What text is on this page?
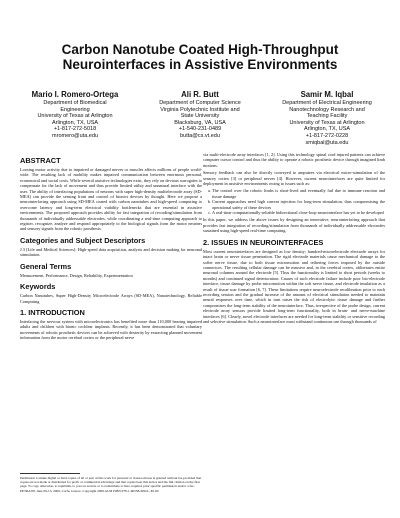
Carbon Nanotube Coated High-Throughput
Neurointerfaces in Assistive Environments
Mario I. Romero-Ortega
Department of Biomedical
Engineering
University of Texas at Arlington
Arlington, TX, USA
+1-817-272-5018
mromero@uta.edu
Ali R. Butt
Department of Computer Science
Virginia Polytechnic Institute and
State University
Blacksburg, VA, USA
+1-540-231-0489
butta@cs.vt.edu
Samir M. Iqbal
Department of Electrical Engineering
Nanotechnology Research and
Teaching Facility
University of Texas at Arlington
Arlington, TX, USA
+1-817-272-0228
smiqbal@uta.edu
ABSTRACT

Loosing motor activity due to impaired or damaged nerves or muscles affects millions of people world-wide. The resulting lack of mobility makes impaired communication between enormous personal, economical and social costs. While several assistive technologies exist, they rely on devious surrogates to compensate for the lack of movement and thus provide limited utility and unnatural interface with the user. The ability of interfacing populations of neurons with super high-density multielectrode array (SD-MEA) can provide the sensing front and control of bionics devices by thought. Here we propose a neurointerfacing approach using SD-MEA coated with carbon nanotubes and high-speed computing to overcome latency and long-term electrical viability bottlenecks that are essential in assistive environments. The proposed approach provides ability for fast integration of recording/stimulation from thousands of individually addressable electrodes, while coordinating a real-time computing approach to register, recognize, analyze and respond appropriately to the biological signals from the motor neurons and sensory signals from the robotic prosthesis.

Categories and Subject Descriptors

J.3 [Life and Medical Sciences]: High-speed data acquisition, analysis and decision making for neuronal stimulation.

General Terms

Measurement, Performance, Design, Reliability, Experimentation

Keywords

Carbon Nanotubes, Super High-Density Microelectrode Arrays (SD-MEA), Nanotechnology, Reliable Computing

1. INTRODUCTION

Interfacing the nervous system with microelectronics has benefited more than 110,000 hearing impaired adults and children with bionic cochlear implants. Recently, it has been demonstrated that voluntary movements of robotic prosthetic devices can be achieved with dexterity by extracting planned movement information from the motor cerebral cortex or the peripheral nerve

Permission to make digital or hard copies of all or part of this work for personal or classroom use is granted without fee provided that copies are not made or distributed for profit or commercial advantage and that copies bear this notice and the full citation on the first page. To copy otherwise, to republish, to post on servers or to redistribute to lists, requires prior specific permission and/or a fee. PETRA'09, June 09-13, 2009, Corfu, Greece. Copyright 2009 ACM ISBN 978-1-60558-409-6...$5.00

via multi-electrode array interfaces [1, 2]. Using this technology spinal cord injured patients can achieve computer cursor control and thus the ability to operate a robotic prosthetic device through imagined limb motions.

Sensory feedback can also be directly conveyed to amputees via electrical micro-stimulation of the sensory cortex [3] or peripheral nerves [4]. However, current neurointerfaces are quite limited for deployment in assistive environments owing to issues such as:

a. The control over the robotic limbs is short-lived and eventually fail due to immune reaction and tissue damage
b. Current approaches need high current injection for long-term stimulation, thus compromising the operational safety of these devices
c. A real-time computationally-reliable bidirectional close-loop neurointerface has yet to be developed

In this paper, we address the above issues by designing an innovative, neurointerfacing approach that provides fast integration of recording/stimulation from thousands of individually addressable electrodes sustained using high-speed real-time computing.

2. ISSUES IN NEUROINTERFACES

Most current neurointerfaces are designed as low density; hundred-microelectrode electrode arrays for intact brain or nerve tissue penetration. The rigid electrode materials cause mechanical damage to the softer nerve tissue, due to both tissue micromotion and tethering forces imposed by the outside connectors. The resulting cellular damage can be massive and, in the cerebral cortex, obliterates entire neuronal columns around the electrode [5]. Thus the functionality is limited to short periods (weeks to months) and continued signal deterioration. Causes of such electrode failure include poor bio-electrode interface, tissue damage by probe micromotion within the soft nerve tissue, and electrode insulation as a result of tissue scar formation [6, 7]. These limitations require neuroelectrode recalibration prior to each recording session and the gradual increase of the amount of electrical stimulation needed to maintain neural responses over time, which in turn raises the risk of electrolytic tissue damage and further compromises the long-term stability of the neurointerface. Thus, irrespective of the probe design, current electrode array sensors provide limited long-term functionality, both in brain- and nerve-machine interfaces [6]. Clearly, novel electrode interfaces are needed for long-term stability or sensitive recording and selective stimulation. Such a neurointerface must withstand continuous use through thousands of
